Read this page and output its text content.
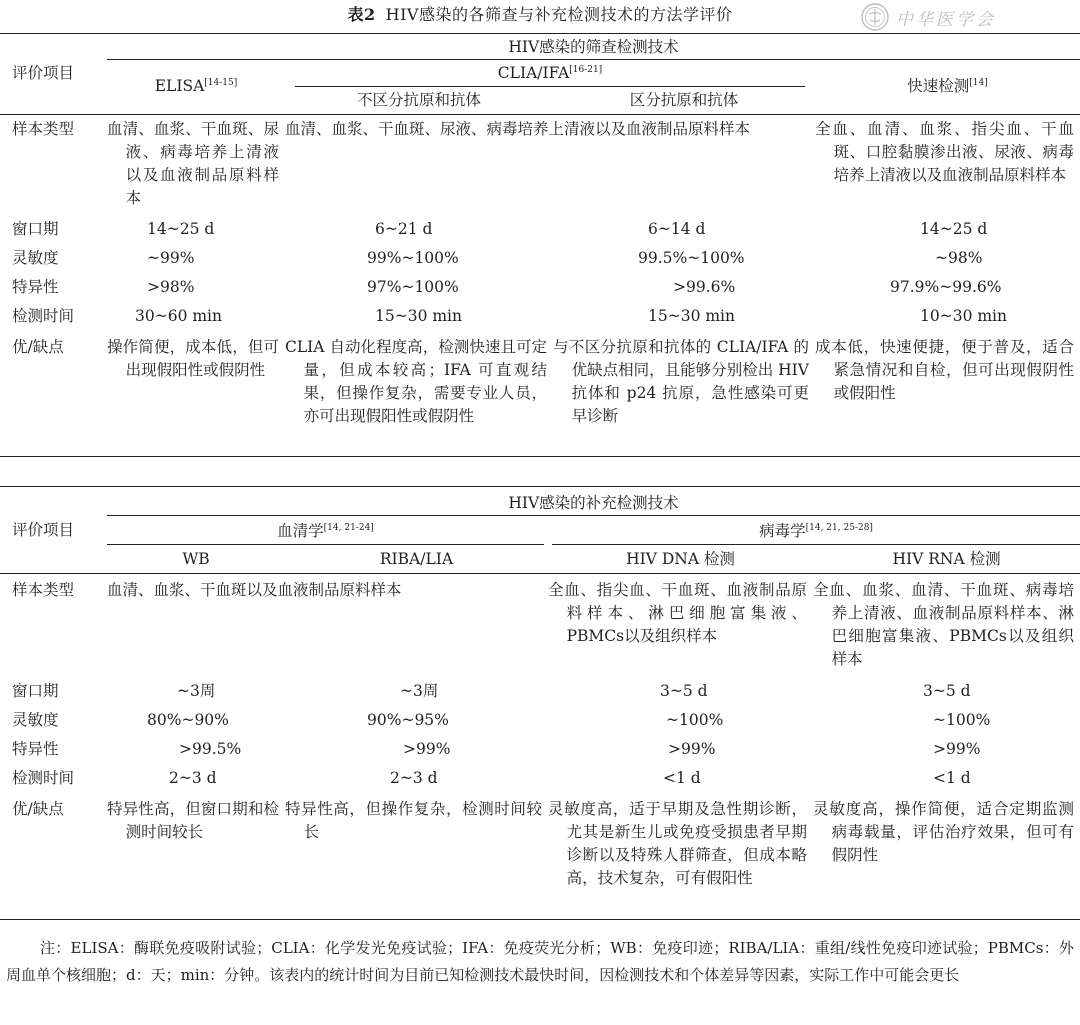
表2 HIV感染的各筛查与补充检测技术的方法学评价	中华医学会
评价项目	HIV感染的筛查检测技术			
	ELISA[14-15]	CLIA/IFA[16-21]		快速检测[14]
		不区分抗原和抗体	区分抗原和抗体	
样本类型	血清、血浆、干血斑、尿液、病毒培养上清液以及血液制品原料样本	血清、血浆、干血斑、尿液、病毒培养上清液以及血液制品原料样本		全血、血清、血浆、指尖血、干血斑、口腔黏膜渗出液、尿液、病毒培养上清液以及血液制品原料样本
窗口期	14~25 d	6~21 d	6~14 d	14~25 d
灵敏度	~99%	99%~100%	99.5%~100%	~98%
特异性	>98%	97%~100%	>99.6%	97.9%~99.6%
检测时间	30~60 min	15~30 min	15~30 min	10~30 min
优/缺点	操作简便，成本低，但可出现假阳性或假阴性	CLIA 自动化程度高，检测快速且可定量，但成本较高；IFA 可直观结果，但操作复杂，需要专业人员，亦可出现假阳性或假阴性	与不区分抗原和抗体的 CLIA/IFA 的优缺点相同，且能够分别检出 HIV 抗体和 p24 抗原，急性感染可更早诊断	成本低，快速便捷，便于普及，适合紧急情况和自检，但可出现假阴性或假阳性
评价项目	HIV感染的补充检测技术			

	血清学[14, 21-24]		病毒学[14, 21, 25-28]

	WB	RIBA/LIA	HIV DNA 检测	HIV RNA 检测
样本类型	血清、血浆、干血斑以及血液制品原料样本		全血、指尖血、干血斑、血液制品原料样本、淋巴细胞富集液、PBMCs以及组织样本	全血、血浆、血清、干血斑、病毒培养上清液、血液制品原料样本、淋巴细胞富集液、PBMCs以及组织样本
窗口期	~3周	~3周	3~5 d	3~5 d
灵敏度	80%~90%	90%~95%	~100%	~100%
特异性	>99.5%	>99%	>99%	>99%
检测时间	2~3 d	2~3 d	<1 d	<1 d
优/缺点	特异性高，但窗口期和检测时间较长	特异性高，但操作复杂，检测时间较长	灵敏度高，适于早期及急性期诊断，尤其是新生儿或免疫受损患者早期诊断以及特殊人群筛查，但成本略高，技术复杂，可有假阳性	灵敏度高，操作简便，适合定期监测病毒载量，评估治疗效果，但可有假阴性
注：ELISA：酶联免疫吸附试验；CLIA：化学发光免疫试验；IFA：免疫荧光分析；WB：免疫印迹；RIBA/LIA：重组/线性免疫印迹试验；PBMCs：外周血单个核细胞；d：天；min：分钟。该表内的统计时间为目前已知检测技术最快时间，因检测技术和个体差异等因素，实际工作中可能会更长
